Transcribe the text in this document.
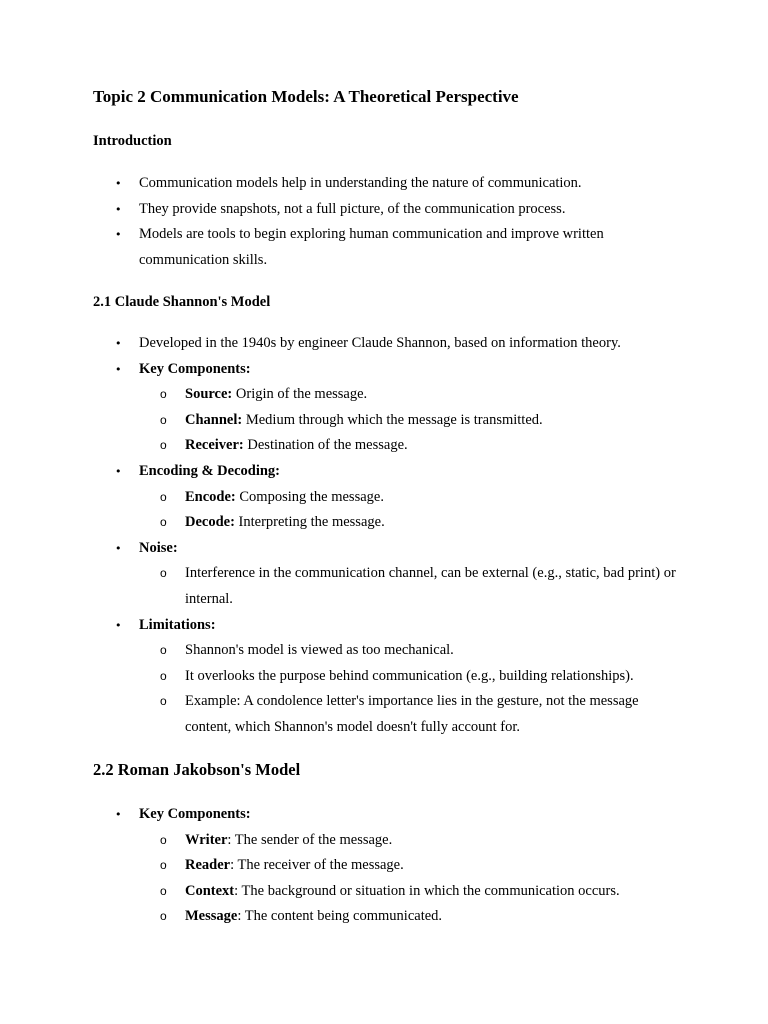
Topic 2 Communication Models: A Theoretical Perspective
Introduction
• Communication models help in understanding the nature of communication.
• They provide snapshots, not a full picture, of the communication process.
• Models are tools to begin exploring human communication and improve written communication skills.
2.1 Claude Shannon's Model
• Developed in the 1940s by engineer Claude Shannon, based on information theory.
• Key Components:
o Source: Origin of the message.
o Channel: Medium through which the message is transmitted.
o Receiver: Destination of the message.
• Encoding & Decoding:
o Encode: Composing the message.
o Decode: Interpreting the message.
• Noise:
o Interference in the communication channel, can be external (e.g., static, bad print) or internal.
• Limitations:
o Shannon's model is viewed as too mechanical.
o It overlooks the purpose behind communication (e.g., building relationships).
o Example: A condolence letter's importance lies in the gesture, not the message content, which Shannon's model doesn't fully account for.
2.2 Roman Jakobson's Model
• Key Components:
o Writer: The sender of the message.
o Reader: The receiver of the message.
o Context: The background or situation in which the communication occurs.
o Message: The content being communicated.
